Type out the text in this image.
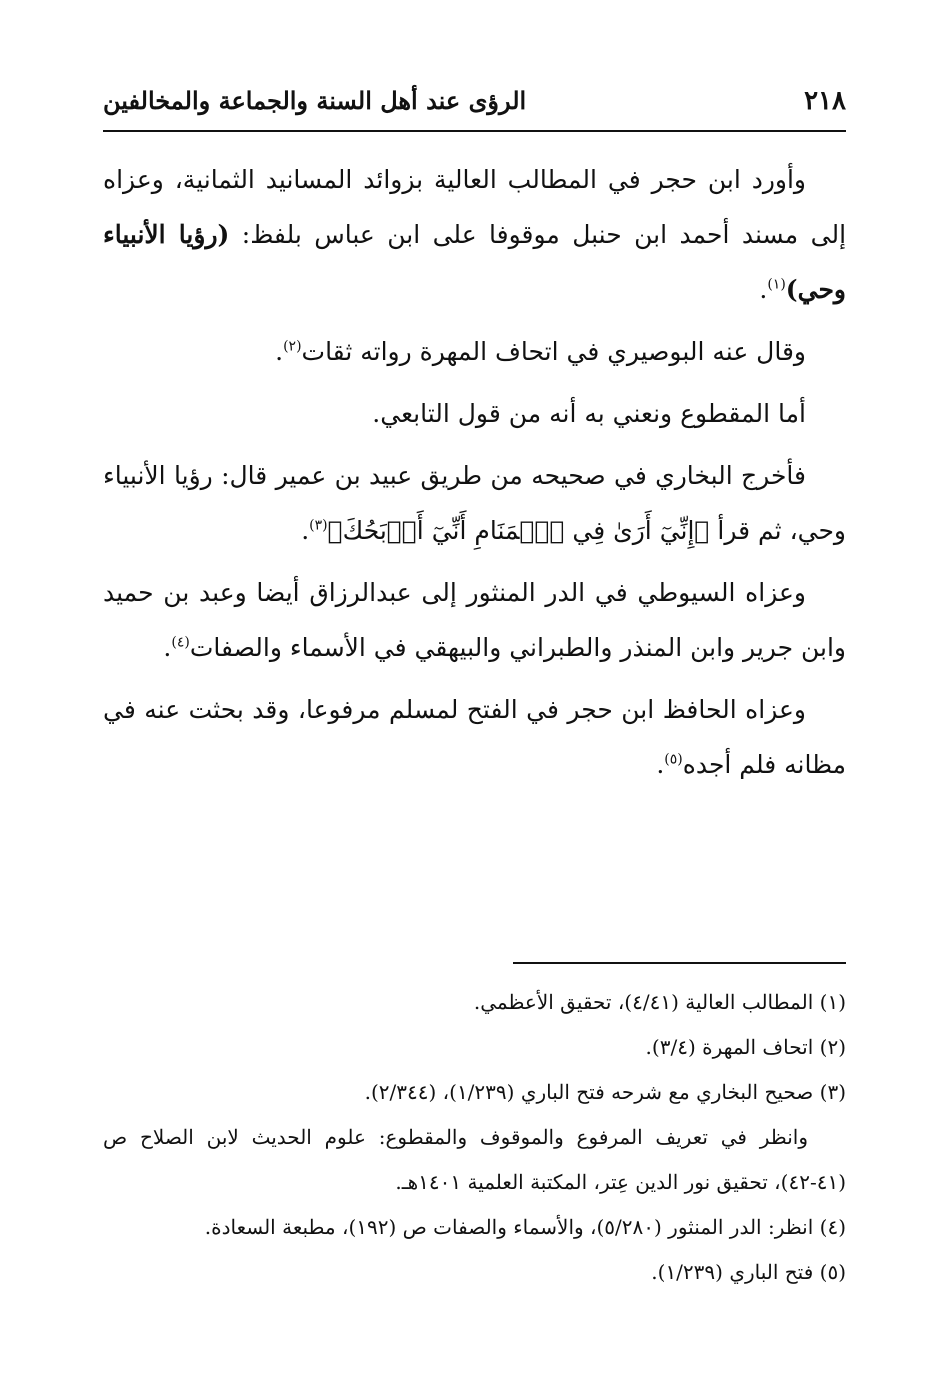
٢١٨
الرؤى عند أهل السنة والجماعة والمخالفين

وأورد ابن حجر في المطالب العالية بزوائد المسانيد الثمانية، وعزاه إلى مسند أحمد ابن حنبل موقوفا على ابن عباس بلفظ: (رؤيا الأنبياء وحي)$^{(١)}$.

وقال عنه البوصيري في اتحاف المهرة رواته ثقات$^{(٢)}$.

أما المقطوع ونعني به أنه من قول التابعي.

فأخرج البخاري في صحيحه من طريق عبيد بن عمير قال: رؤيا الأنبياء وحي، ثم قرأ ﴿إِنِّيٓ أَرَىٰ فِي ٱلۡمَنَامِ أَنِّيٓ أَذۡبَحُكَ﴾$^{(٣)}$.

وعزاه السيوطي في الدر المنثور إلى عبدالرزاق أيضا وعبد بن حميد وابن جرير وابن المنذر والطبراني والبيهقي في الأسماء والصفات$^{(٤)}$.

وعزاه الحافظ ابن حجر في الفتح لمسلم مرفوعا، وقد بحثت عنه في مظانه فلم أجده$^{(٥)}$.

(١) المطالب العالية (٤/٤١)، تحقيق الأعظمي.

(٢) اتحاف المهرة (٣/٤).

(٣) صحيح البخاري مع شرحه فتح الباري (١/٢٣٩)، (٢/٣٤٤).

وانظر في تعريف المرفوع والموقوف والمقطوع: علوم الحديث لابن الصلاح ص (٤١-٤٢)، تحقيق نور الدين عِتر، المكتبة العلمية ١٤٠١هـ.

(٤) انظر: الدر المنثور (٥/٢٨٠)، والأسماء والصفات ص (١٩٢)، مطبعة السعادة.

(٥) فتح الباري (١/٢٣٩).
